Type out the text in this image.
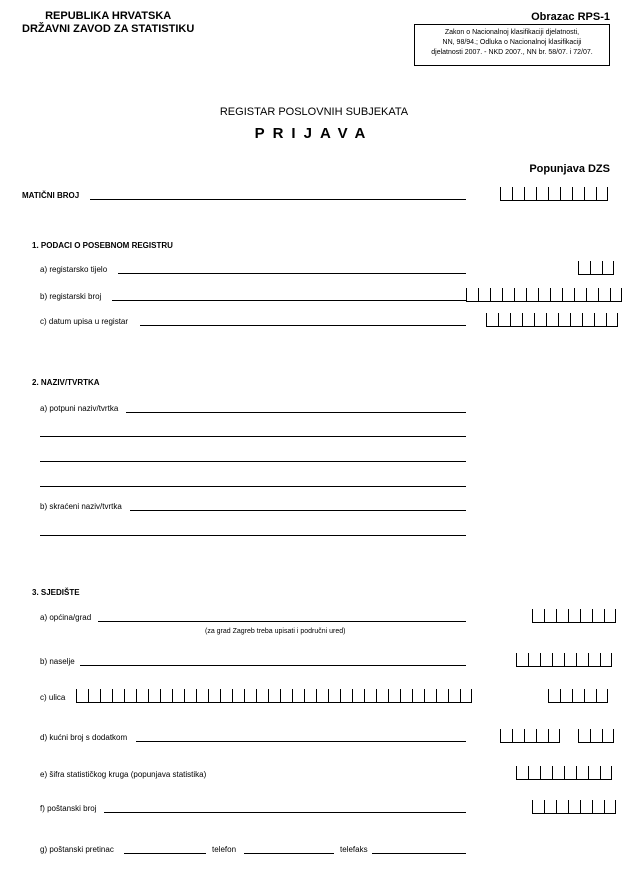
REPUBLIKA HRVATSKA
DRŽAVNI ZAVOD ZA STATISTIKU
Obrazac RPS-1
Zakon o Nacionalnoj klasifikaciji djelatnosti,
NN, 98/94.; Odluka o Nacionalnoj klasifikaciji
djelatnosti 2007. - NKD 2007., NN br. 58/07. i 72/07.
REGISTAR POSLOVNIH SUBJEKATA
PRIJAVA
Popunjava DZS
MATIČNI BROJ
1. PODACI O POSEBNOM REGISTRU
a) registarsko tijelo
b) registarski broj
c) datum upisa u registar
2. NAZIV/TVRTKA
a) potpuni naziv/tvrtka
b) skraćeni naziv/tvrtka
3. SJEDIŠTE
a) općina/grad
(za grad Zagreb treba upisati i područni ured)
b) naselje
c) ulica
d) kućni broj s dodatkom
e) šifra statističkog kruga (popunjava statistika)
f) poštanski broj
g) poštanski pretinac	telefon	telefaks
